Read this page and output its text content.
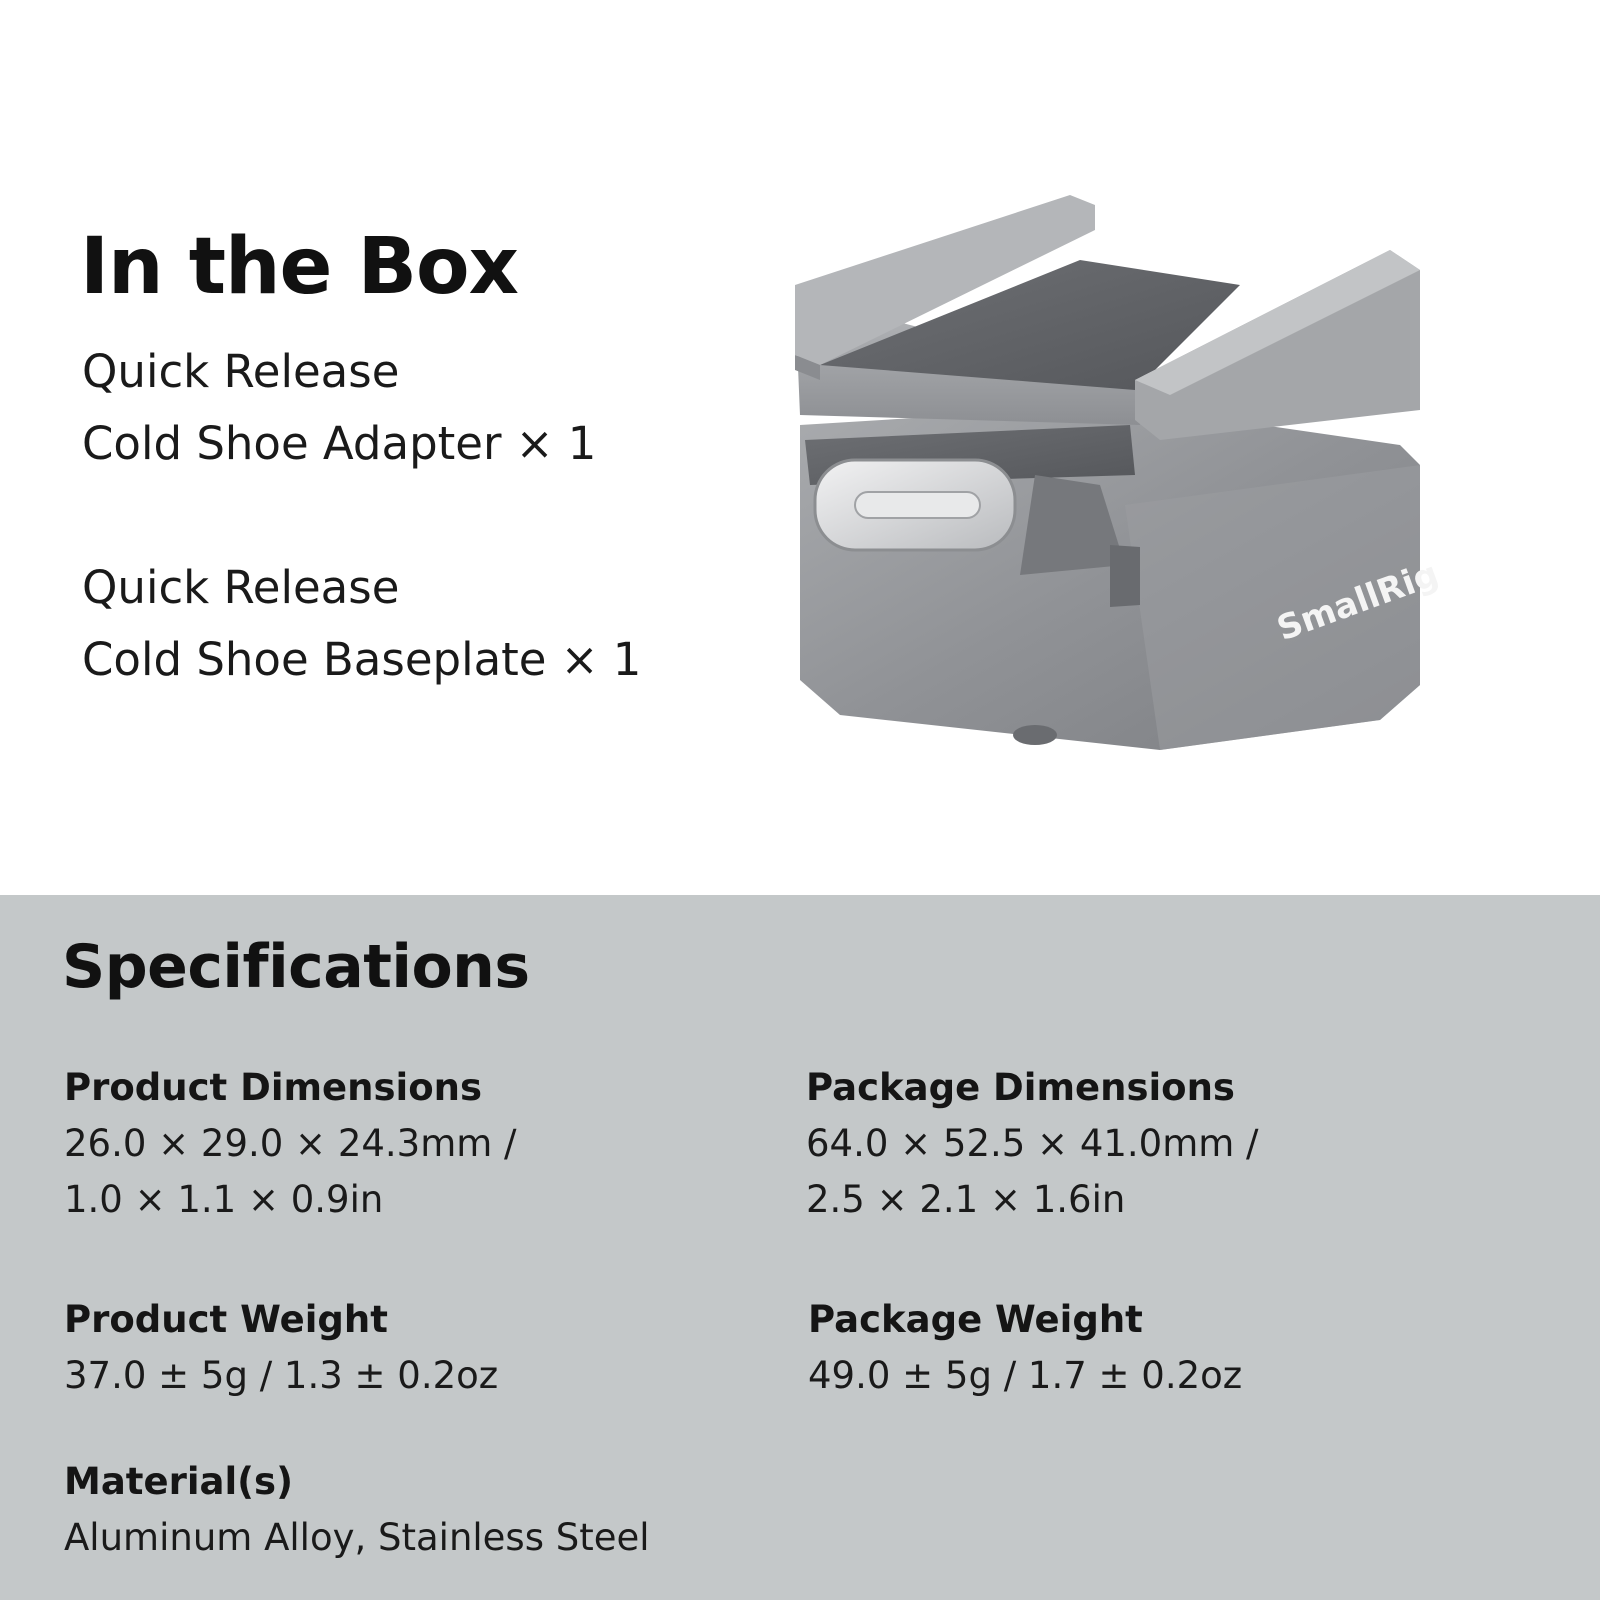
In the Box
Quick Release
Cold Shoe Adapter × 1
Quick Release
Cold Shoe Baseplate × 1
SmallRig
Specifications
Product Dimensions
26.0 × 29.0 × 24.3mm /
1.0 × 1.1 × 0.9in
Package Dimensions
64.0 × 52.5 × 41.0mm /
2.5 × 2.1 × 1.6in
Product Weight
37.0 ± 5g / 1.3 ± 0.2oz
Package Weight
49.0 ± 5g / 1.7 ± 0.2oz
Material(s)
Aluminum Alloy, Stainless Steel
